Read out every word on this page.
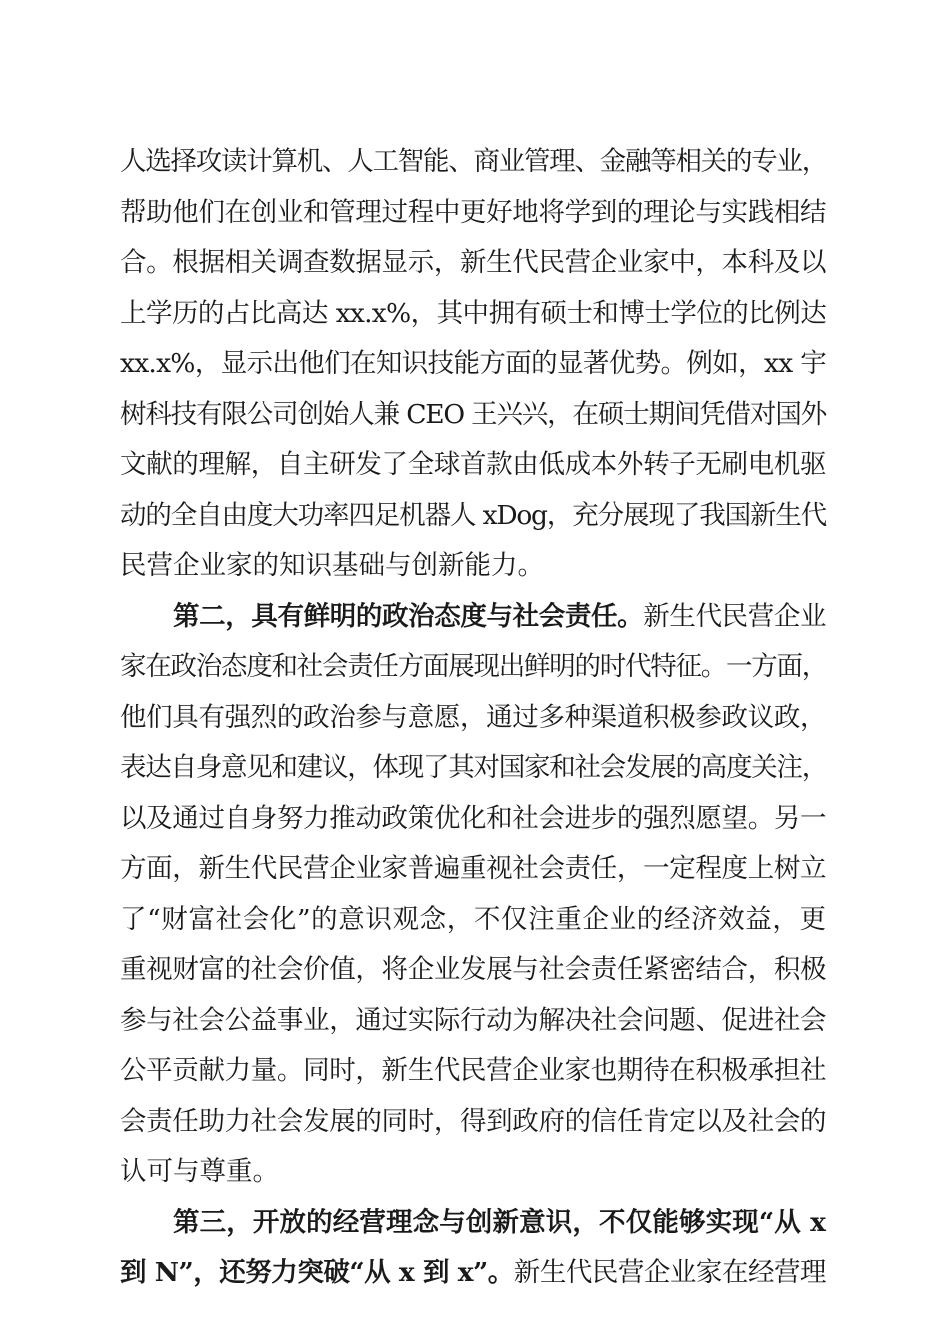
人选择攻读计算机、人工智能、商业管理、金融等相关的专业，
帮助他们在创业和管理过程中更好地将学到的理论与实践相结
合。根据相关调查数据显示，新生代民营企业家中，本科及以
上学历的占比高达 xx.x%，其中拥有硕士和博士学位的比例达
xx.x%，显示出他们在知识技能方面的显著优势。例如，xx 宇
树科技有限公司创始人兼 CEO 王兴兴，在硕士期间凭借对国外
文献的理解，自主研发了全球首款由低成本外转子无刷电机驱
动的全自由度大功率四足机器人 xDog，充分展现了我国新生代
民营企业家的知识基础与创新能力。
第二，具有鲜明的政治态度与社会责任。新生代民营企业
家在政治态度和社会责任方面展现出鲜明的时代特征。一方面，
他们具有强烈的政治参与意愿，通过多种渠道积极参政议政，
表达自身意见和建议，体现了其对国家和社会发展的高度关注，
以及通过自身努力推动政策优化和社会进步的强烈愿望。另一
方面，新生代民营企业家普遍重视社会责任，一定程度上树立
了“财富社会化”的意识观念，不仅注重企业的经济效益，更
重视财富的社会价值，将企业发展与社会责任紧密结合，积极
参与社会公益事业，通过实际行动为解决社会问题、促进社会
公平贡献力量。同时，新生代民营企业家也期待在积极承担社
会责任助力社会发展的同时，得到政府的信任肯定以及社会的
认可与尊重。
第三，开放的经营理念与创新意识，不仅能够实现“从 x
到 N”，还努力突破“从 x 到 x”。新生代民营企业家在经营理
